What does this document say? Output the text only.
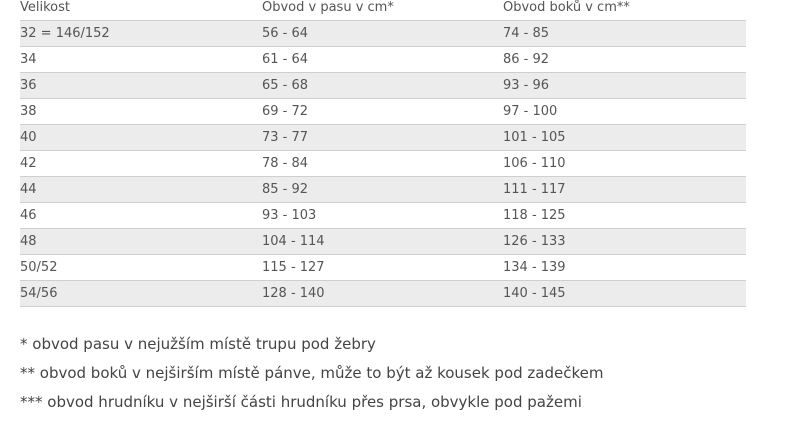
Velikost	Obvod v pasu v cm*	Obvod boků v cm**
32 = 146/152	56 - 64	74 - 85
34	61 - 64	86 - 92
36	65 - 68	93 - 96
38	69 - 72	97 - 100
40	73 - 77	101 - 105
42	78 - 84	106 - 110
44	85 - 92	111 - 117
46	93 - 103	118 - 125
48	104 - 114	126 - 133
50/52	115 - 127	134 - 139
54/56	128 - 140	140 - 145
* obvod pasu v nejužším místě trupu pod žebry
** obvod boků v nejširším místě pánve, může to být až kousek pod zadečkem
*** obvod hrudníku v nejširší části hrudníku přes prsa, obvykle pod pažemi
